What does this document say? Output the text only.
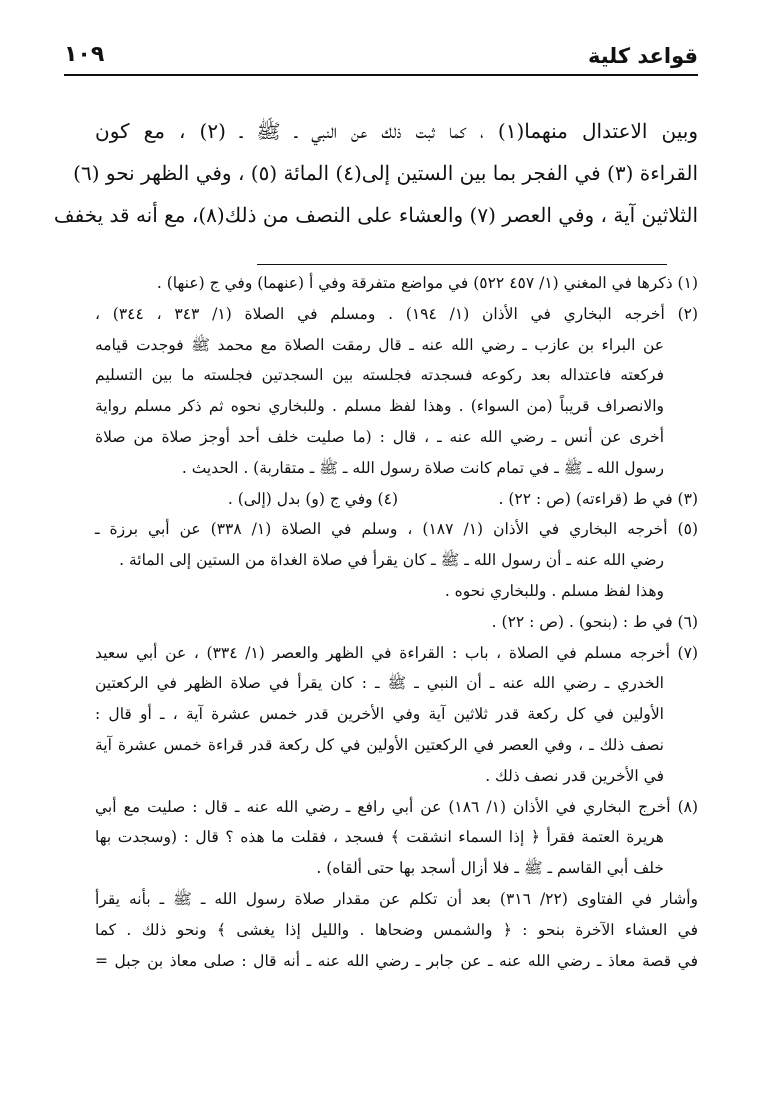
قواعد كلية
١٠٩
وبين الاعتدال منهما(١) ، كما ثبت ذلك عن النبي ـ ﷺ ـ (٢) ، مع كون
القراءة (٣) في الفجر بما بين الستين إلى(٤) المائة (٥) ، وفي الظهر نحو (٦)
الثلاثين آية ، وفي العصر (٧) والعشاء على النصف من ذلك(٨)، مع أنه قد يخفف
(١) ذكرها في المغني (١/ ٤٥٧ ٥٢٢) في مواضع متفرقة وفي أ (عنهما) وفي ج (عنها) .
(٢) أخرجه البخاري في الأذان (١/ ١٩٤) . ومسلم في الصلاة (١/ ٣٤٣ ، ٣٤٤) ،
عن البراء بن عازب ـ رضي الله عنه ـ قال رمقت الصلاة مع محمد ﷺ فوجدت قيامه
فركعته فاعتداله بعد ركوعه فسجدته فجلسته بين السجدتين فجلسته ما بين التسليم
والانصراف قريباً (من السواء) . وهذا لفظ مسلم . وللبخاري نحوه ثم ذكر مسلم رواية
أخرى عن أنس ـ رضي الله عنه ـ ، قال : (ما صليت خلف أحد أوجز صلاة من صلاة
رسول الله ـ ﷺ ـ في تمام كانت صلاة رسول الله ـ ﷺ ـ متقاربة) . الحديث .
(٣) في ط (قراءته) (ص : ٢٢) .
(٤) وفي ج (و) بدل (إلى) .
(٥) أخرجه البخاري في الأذان (١/ ١٨٧) ، وسلم في الصلاة (١/ ٣٣٨) عن أبي برزة ـ
رضي الله عنه ـ أن رسول الله ـ ﷺ ـ كان يقرأ في صلاة الغداة من الستين إلى المائة .
وهذا لفظ مسلم . وللبخاري نحوه .
(٦) في ط : (بنحو) . (ص : ٢٢) .
(٧) أخرجه مسلم في الصلاة ، باب : القراءة في الظهر والعصر (١/ ٣٣٤) ، عن أبي سعيد
الخدري ـ رضي الله عنه ـ أن النبي ـ ﷺ ـ : كان يقرأ في صلاة الظهر في الركعتين
الأولين في كل ركعة قدر ثلاثين آية وفي الأخرين قدر خمس عشرة آية ، ـ أو قال :
نصف ذلك ـ ، وفي العصر في الركعتين الأولين في كل ركعة قدر قراءة خمس عشرة آية
في الأخرين قدر نصف ذلك .
(٨) أخرج البخاري في الأذان (١/ ١٨٦) عن أبي رافع ـ رضي الله عنه ـ قال : صليت مع أبي
هريرة العتمة فقرأ ﴿ إذا السماء انشقت ﴾ فسجد ، فقلت ما هذه ؟ قال : (وسجدت بها
خلف أبي القاسم ـ ﷺ ـ فلا أزال أسجد بها حتى ألقاه) .
وأشار في الفتاوى (٢٢/ ٣١٦) بعد أن تكلم عن مقدار صلاة رسول الله ـ ﷺ ـ بأنه يقرأ
في العشاء الآخرة بنحو : ﴿ والشمس وضحاها . والليل إذا يغشى ﴾ ونحو ذلك . كما
في قصة معاذ ـ رضي الله عنه ـ عن جابر ـ رضي الله عنه ـ أنه قال : صلى معاذ بن جبل =
